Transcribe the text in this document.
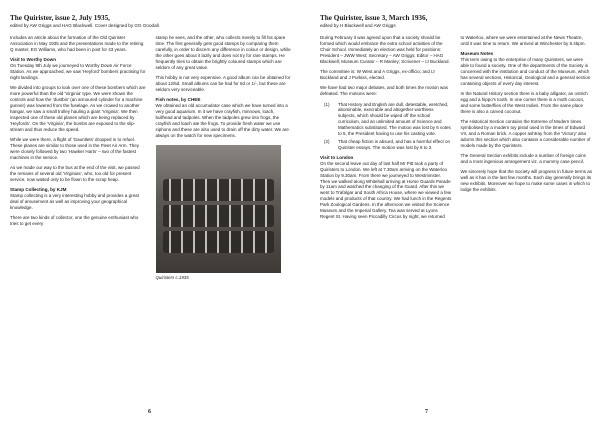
The Quirister, issue 2, July 1935,

edited by AW Griggs and HAG Blackwell. Cover designed by GG Goodall.

Includes an article about the formation of the Old Quirister Association in May 1935 and the presentations made to the retiring Q master, EG Williams, who had been in post for 43 years.

Visit to Worthy Down

On Tuesday 9th July we journeyed to Worthy Down Air Force Station. As we approached, we saw 'Heyford' bombers practising for night landings.

We divided into groups to look over one of these bombers which are more powerful than the old 'Virginia' type. We were shown the controls and how the 'dustbin' (an armoured cylinder for a machine gunner) was lowered from the fuselage. As we crowed to another hangar, we saw a small trolley hauling a giant 'Virginia'. We then inspected one of these old planes which are being replaced by 'Heyfords'. On the 'Virginia', the bombs are exposed to the slip-stream and thus reduce the speed.

While we were there, a flight of 'Gauntlets' dropped in to refuel. These planes are similar to those used in the Fleet Air Arm. They were closely followed by two 'Hawker Harts' – two of the fastest machines in the service.

As we made our way to the bus at the end of the visit, we passed the remains of several old 'Virginias', who, too old for present service, now waited only to be flown to the scrap heap.

Stamp Collecting, by KJM

Stamp collecting is a very interesting hobby and provides a great deal of amusement as well as improving your geographical knowledge.

There are two kinds of collector, one the genuine enthusiast who tries to get every

stamp he sees, and the other, who collects merely to fill his spare time. The first generally gets good stamps by comparing them carefully, in order to discern any difference in colour or design, while the other goes about it lazily and does not try for rare stamps. He frequently tries to obtain the brightly coloured stamps which are seldom of any great value.

This hobby is not very expensive. A good album can be obtained for about 12/6d. Small albums can be had for 6d or 1/-, but these are seldom very serviceable.

Fish notes, by CHEE

We obtained an old accumulator case which we have turned into a very good aquarium. In it we have crayfish, minnows, loach, bullhead and tadpoles. When the tadpoles grew into frogs, the crayfish and loach ate the frogs. To provide fresh water we use siphons and these are also used to drain off the dirty water. We are always on the watch for new specimens.

Quiristers c.1935
6

The Quirister, issue 3, March 1936,

edited by H Blackwell and AW Griggs

During February it was agreed upon that a society should be formed which would embrace the extra school activities of the Choir School. Immediately an election was held for positions: President – JWW West; Secretary – AW Griggs; Editor – HAG Blackwell; Museum Curator – R Manley; Scrivener – IJ Buckland.

The committee is: W West and A Griggs, ex-officio; and IJ Buckland and J Purkiss, elected.

We have had two major debates, and both times the motion was defeated. The motions were:

(1)	That History and English are dull, detestable, wretched, abominable, execrable and altogether worthless subjects, which should be wiped off the school curriculum, and an unlimited amount of Science and Mathematics substituted. The motion was lost by 6 votes to 5, the President having to use his casting vote.
(2)	That cheap fiction is absurd, and has a harmful effect on Quirister essays. The motion was lost by 8 to 2.
Visit to London

On the second leave out day of last half Mr Pitt took a party of Quiristers to London. We left at 7.30am arriving on the Waterloo Station by 9.30am. From there we journeyed to Westminster. Then we walked along Whitehall arriving at Horse Guards Parade by 11am and watched the changing of the Guard. After this we went to Trafalgar and South Africa House, where we viewed a few models and products of that country. We had lunch in the Regents Park Zoological Gardens. In the afternoon we visited the Science Museum and the Imperial Gallery. Tea was served at Lyons Regent St. Having seen Piccadilly Circus by night, we returned

to Waterloo, where we were entertained at the News Theatre, until it was time to return. We arrived at Winchester by 8.45pm.

Museum Notes

This term owing to the enterprise of many Quiristers, we were able to found a society. One of the departments of the Society is concerned with the institution and conduct of the Museum, which has several sections, Historical, Geological and a general section containing objects of every day interest.

In the Natural History section there is a baby alligator, an ostrich egg and a hippo's tooth. In one corner there is a moth cocoon, and some butterflies of the West Indies. From the same place there is also a carved coconut.

The Historical Section contains the Extreme of Modern times symbolised by a modern toy pistol used in the times of Edward VII, and a Roman brick. A copper ashtray from the 'Victory' also adorns this section which also contains a considerable number of models made by the Quiristers.

The General Section exhibits include a number of foreign coins and a most ingenious arrangement viz. a mummy case pencil.

We sincerely hope that the Society will progress in future terms as well as it has in the last few months. Each day generally brings its new exhibits. Moreover we hope to make some cases in which to lodge the exhibits.

7
